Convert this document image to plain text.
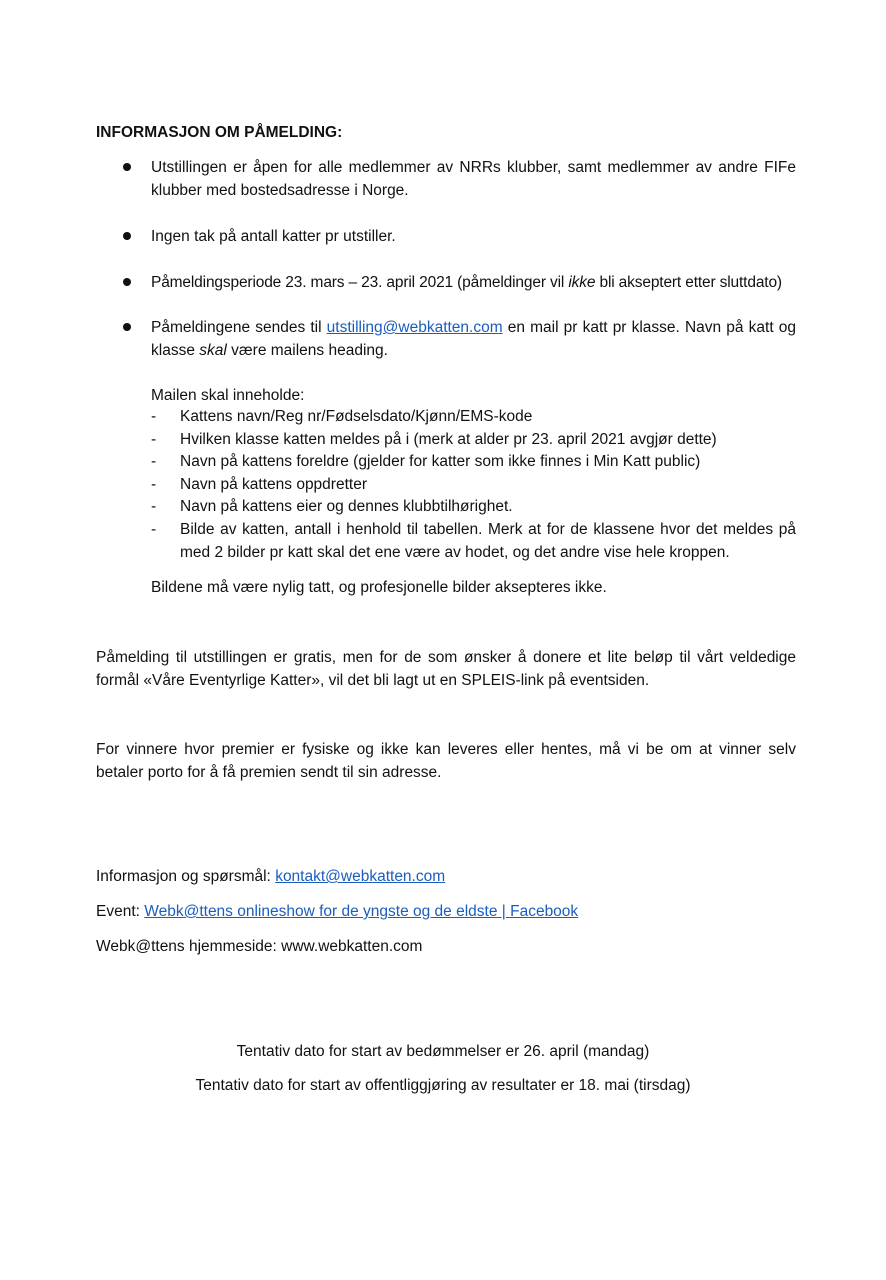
INFORMASJON OM PÅMELDING:
Utstillingen er åpen for alle medlemmer av NRRs klubber, samt medlemmer av andre FIFe klubber med bostedsadresse i Norge.
Ingen tak på antall katter pr utstiller.
Påmeldingsperiode 23. mars – 23. april 2021 (påmeldinger vil ikke bli akseptert etter sluttdato)
Påmeldingene sendes til utstilling@webkatten.com en mail pr katt pr klasse. Navn på katt og klasse skal være mailens heading.
Mailen skal inneholde:
- Kattens navn/Reg nr/Fødselsdato/Kjønn/EMS-kode
- Hvilken klasse katten meldes på i (merk at alder pr 23. april 2021 avgjør dette)
- Navn på kattens foreldre (gjelder for katter som ikke finnes i Min Katt public)
- Navn på kattens oppdretter
- Navn på kattens eier og dennes klubbtilhørighet.
- Bilde av katten, antall i henhold til tabellen. Merk at for de klassene hvor det meldes på med 2 bilder pr katt skal det ene være av hodet, og det andre vise hele kroppen.
Bildene må være nylig tatt, og profesjonelle bilder aksepteres ikke.
Påmelding til utstillingen er gratis, men for de som ønsker å donere et lite beløp til vårt veldedige formål «Våre Eventyrlige Katter», vil det bli lagt ut en SPLEIS-link på eventsiden.
For vinnere hvor premier er fysiske og ikke kan leveres eller hentes, må vi be om at vinner selv betaler porto for å få premien sendt til sin adresse.
Informasjon og spørsmål: kontakt@webkatten.com
Event: Webk@ttens onlineshow for de yngste og de eldste | Facebook
Webk@ttens hjemmeside: www.webkatten.com
Tentativ dato for start av bedømmelser er 26. april (mandag)
Tentativ dato for start av offentliggjøring av resultater er 18. mai (tirsdag)
